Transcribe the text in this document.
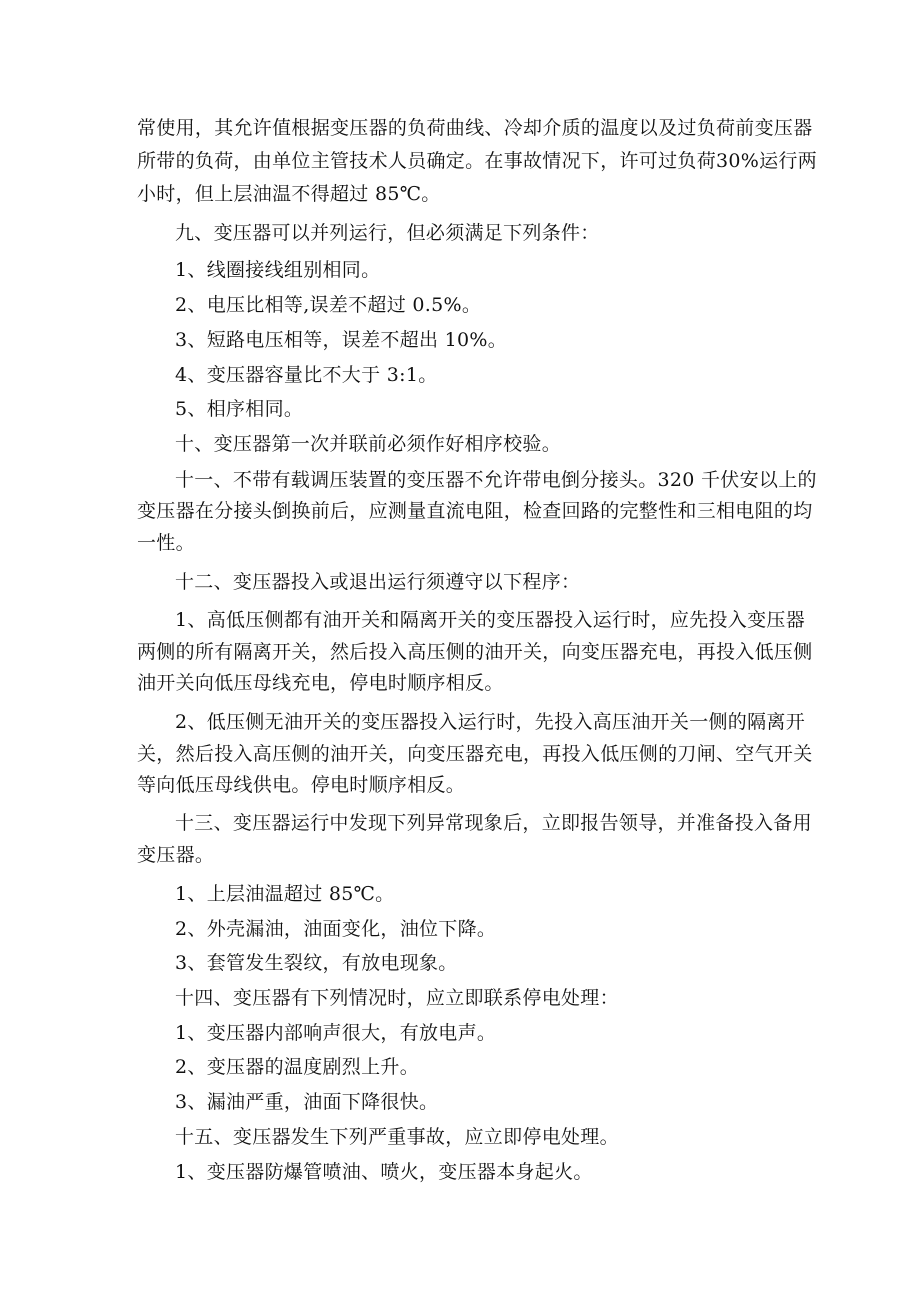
常使用，其允许值根据变压器的负荷曲线、冷却介质的温度以及过负荷前变压器
所带的负荷，由单位主管技术人员确定。在事故情况下，许可过负荷30%运行两
小时，但上层油温不得超过 85℃。
九、变压器可以并列运行，但必须满足下列条件：
1、线圈接线组别相同。
2、电压比相等,误差不超过 0.5%。
3、短路电压相等，误差不超出 10%。
4、变压器容量比不大于 3:1。
5、相序相同。
十、变压器第一次并联前必须作好相序校验。
十一、不带有载调压装置的变压器不允许带电倒分接头。320 千伏安以上的
变压器在分接头倒换前后，应测量直流电阻，检查回路的完整性和三相电阻的均
一性。
十二、变压器投入或退出运行须遵守以下程序：
1、高低压侧都有油开关和隔离开关的变压器投入运行时，应先投入变压器
两侧的所有隔离开关，然后投入高压侧的油开关，向变压器充电，再投入低压侧
油开关向低压母线充电，停电时顺序相反。
2、低压侧无油开关的变压器投入运行时，先投入高压油开关一侧的隔离开
关，然后投入高压侧的油开关，向变压器充电，再投入低压侧的刀闸、空气开关
等向低压母线供电。停电时顺序相反。
十三、变压器运行中发现下列异常现象后，立即报告领导，并准备投入备用
变压器。
1、上层油温超过 85℃。
2、外壳漏油，油面变化，油位下降。
3、套管发生裂纹，有放电现象。
十四、变压器有下列情况时，应立即联系停电处理：
1、变压器内部响声很大，有放电声。
2、变压器的温度剧烈上升。
3、漏油严重，油面下降很快。
十五、变压器发生下列严重事故，应立即停电处理。
1、变压器防爆管喷油、喷火，变压器本身起火。
